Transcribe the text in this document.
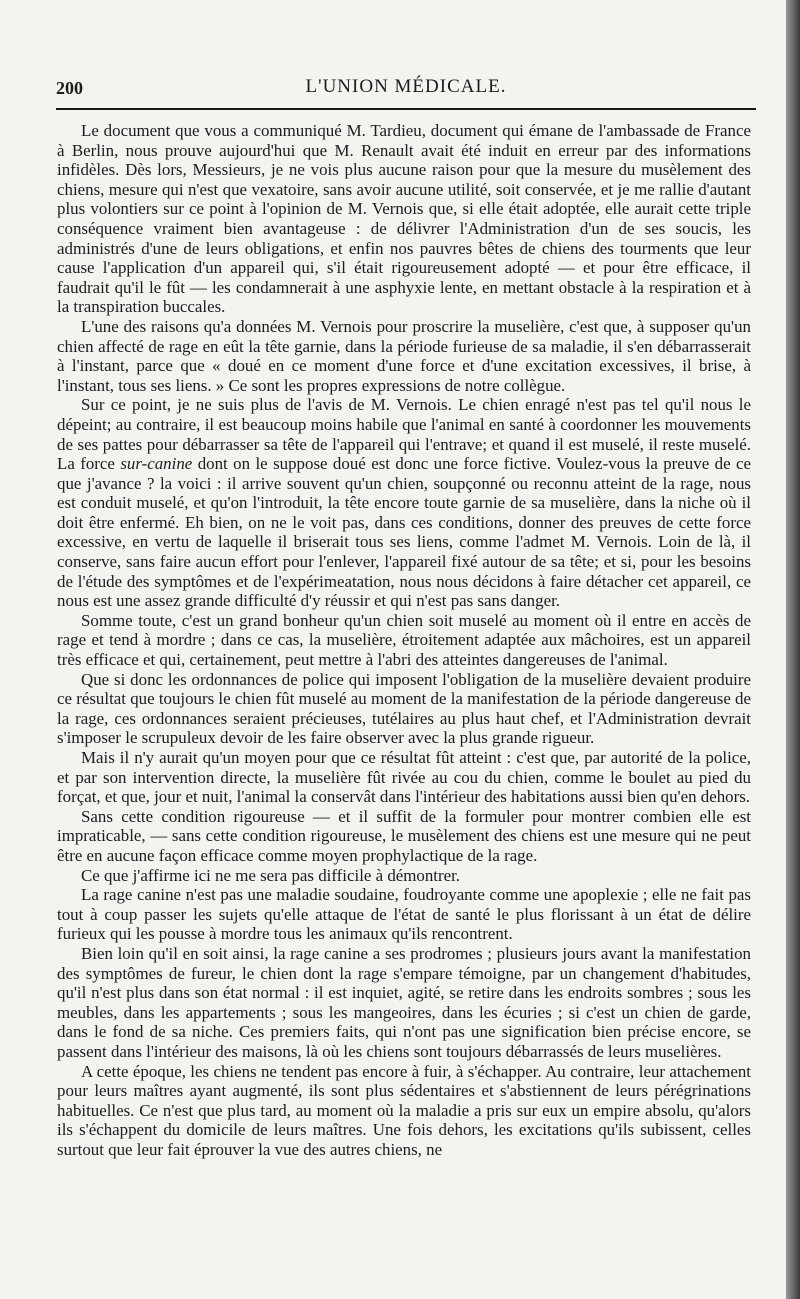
200	L'UNION MÉDICALE.

Le document que vous a communiqué M. Tardieu, document qui émane de l'ambassade de France à Berlin, nous prouve aujourd'hui que M. Renault avait été induit en erreur par des informations infidèles. Dès lors, Messieurs, je ne vois plus aucune raison pour que la mesure du musèlement des chiens, mesure qui n'est que vexatoire, sans avoir aucune utilité, soit conservée, et je me rallie d'autant plus volontiers sur ce point à l'opinion de M. Vernois que, si elle était adoptée, elle aurait cette triple conséquence vraiment bien avantageuse : de délivrer l'Administration d'un de ses soucis, les administrés d'une de leurs obligations, et enfin nos pauvres bêtes de chiens des tourments que leur cause l'application d'un appareil qui, s'il était rigoureusement adopté — et pour être efficace, il faudrait qu'il le fût — les condamnerait à une asphyxie lente, en mettant obstacle à la respiration et à la transpiration buccales.

L'une des raisons qu'a données M. Vernois pour proscrire la muselière, c'est que, à supposer qu'un chien affecté de rage en eût la tête garnie, dans la période furieuse de sa maladie, il s'en débarrasserait à l'instant, parce que « doué en ce moment d'une force et d'une excitation excessives, il brise, à l'instant, tous ses liens. » Ce sont les propres expressions de notre collègue.

Sur ce point, je ne suis plus de l'avis de M. Vernois. Le chien enragé n'est pas tel qu'il nous le dépeint; au contraire, il est beaucoup moins habile que l'animal en santé à coordonner les mouvements de ses pattes pour débarrasser sa tête de l'appareil qui l'entrave; et quand il est muselé, il reste muselé. La force sur-canine dont on le suppose doué est donc une force fictive. Voulez-vous la preuve de ce que j'avance ? la voici : il arrive souvent qu'un chien, soupçonné ou reconnu atteint de la rage, nous est conduit muselé, et qu'on l'introduit, la tête encore toute garnie de sa muselière, dans la niche où il doit être enfermé. Eh bien, on ne le voit pas, dans ces conditions, donner des preuves de cette force excessive, en vertu de laquelle il briserait tous ses liens, comme l'admet M. Vernois. Loin de là, il conserve, sans faire aucun effort pour l'enlever, l'appareil fixé autour de sa tête; et si, pour les besoins de l'étude des symptômes et de l'expérimeatation, nous nous décidons à faire détacher cet appareil, ce nous est une assez grande difficulté d'y réussir et qui n'est pas sans danger.

Somme toute, c'est un grand bonheur qu'un chien soit muselé au moment où il entre en accès de rage et tend à mordre ; dans ce cas, la muselière, étroitement adaptée aux mâchoires, est un appareil très efficace et qui, certainement, peut mettre à l'abri des atteintes dangereuses de l'animal.

Que si donc les ordonnances de police qui imposent l'obligation de la muselière devaient produire ce résultat que toujours le chien fût muselé au moment de la manifestation de la période dangereuse de la rage, ces ordonnances seraient précieuses, tutélaires au plus haut chef, et l'Administration devrait s'imposer le scrupuleux devoir de les faire observer avec la plus grande rigueur.

Mais il n'y aurait qu'un moyen pour que ce résultat fût atteint : c'est que, par autorité de la police, et par son intervention directe, la muselière fût rivée au cou du chien, comme le boulet au pied du forçat, et que, jour et nuit, l'animal la conservât dans l'intérieur des habitations aussi bien qu'en dehors.

Sans cette condition rigoureuse — et il suffit de la formuler pour montrer combien elle est impraticable, — sans cette condition rigoureuse, le musèlement des chiens est une mesure qui ne peut être en aucune façon efficace comme moyen prophylactique de la rage.

Ce que j'affirme ici ne me sera pas difficile à démontrer.

La rage canine n'est pas une maladie soudaine, foudroyante comme une apoplexie ; elle ne fait pas tout à coup passer les sujets qu'elle attaque de l'état de santé le plus florissant à un état de délire furieux qui les pousse à mordre tous les animaux qu'ils rencontrent.

Bien loin qu'il en soit ainsi, la rage canine a ses prodromes ; plusieurs jours avant la manifestation des symptômes de fureur, le chien dont la rage s'empare témoigne, par un changement d'habitudes, qu'il n'est plus dans son état normal : il est inquiet, agité, se retire dans les endroits sombres ; sous les meubles, dans les appartements ; sous les mangeoires, dans les écuries ; si c'est un chien de garde, dans le fond de sa niche. Ces premiers faits, qui n'ont pas une signification bien précise encore, se passent dans l'intérieur des maisons, là où les chiens sont toujours débarrassés de leurs muselières.

A cette époque, les chiens ne tendent pas encore à fuir, à s'échapper. Au contraire, leur attachement pour leurs maîtres ayant augmenté, ils sont plus sédentaires et s'abstiennent de leurs pérégrinations habituelles. Ce n'est que plus tard, au moment où la maladie a pris sur eux un empire absolu, qu'alors ils s'échappent du domicile de leurs maîtres. Une fois dehors, les excitations qu'ils subissent, celles surtout que leur fait éprouver la vue des autres chiens, ne
